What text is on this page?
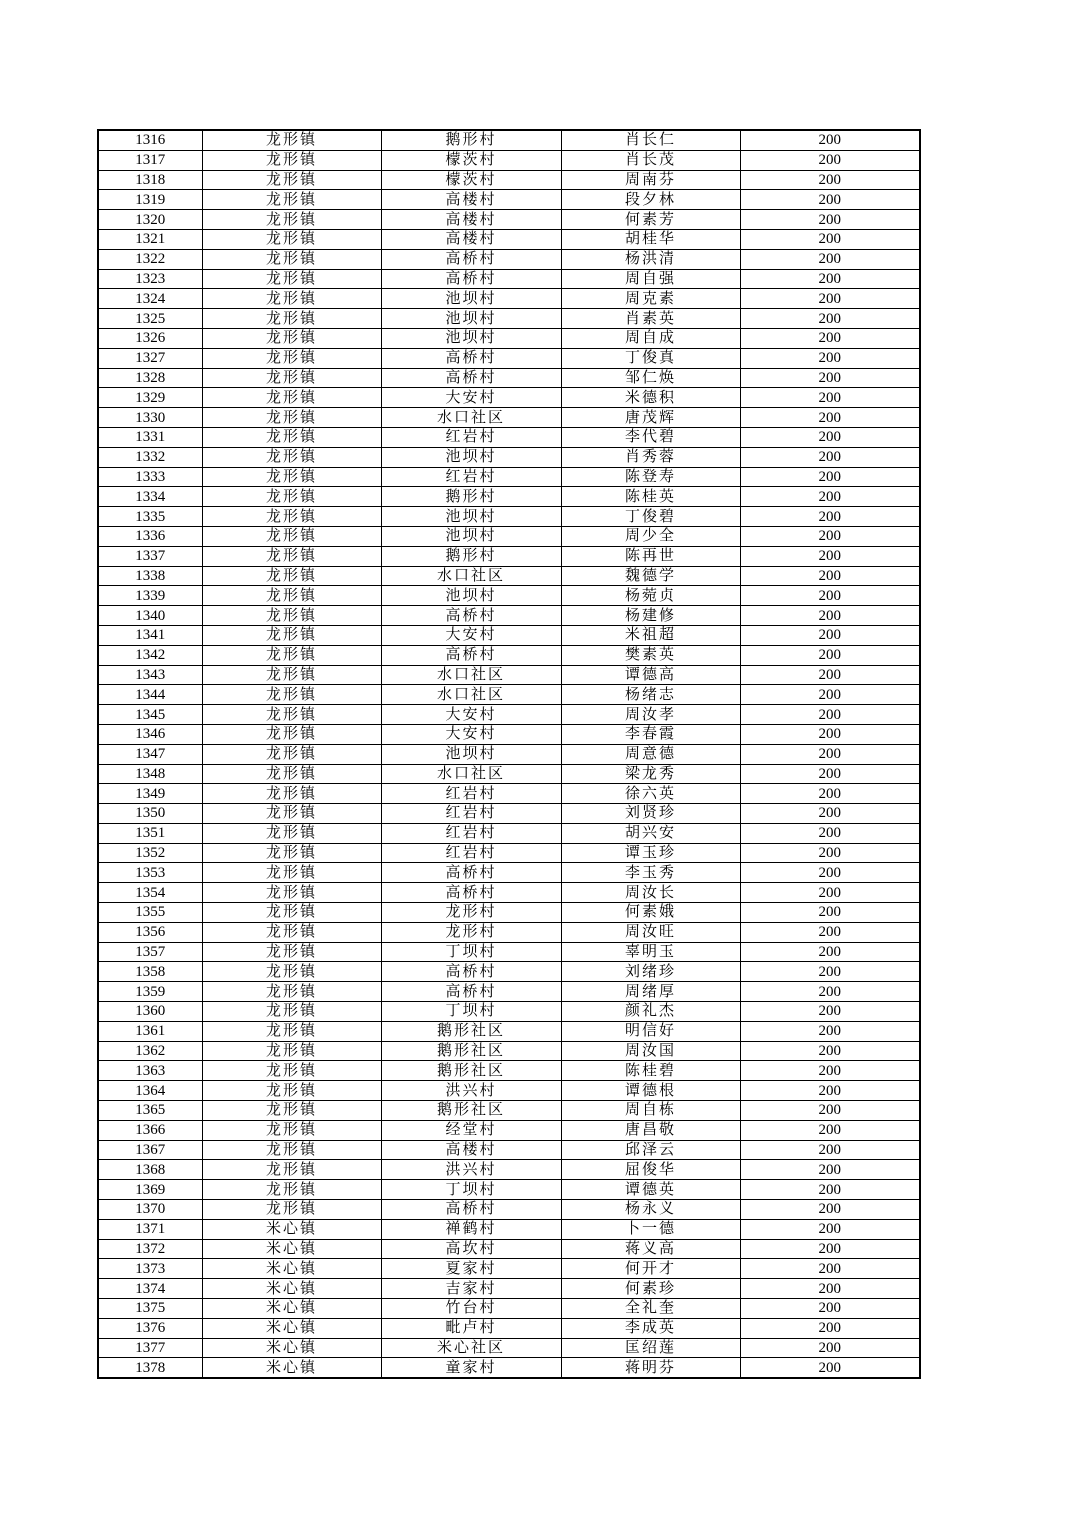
1316	龙形镇	鹅形村	肖长仁	200
1317	龙形镇	檬茨村	肖长茂	200
1318	龙形镇	檬茨村	周南芬	200
1319	龙形镇	高楼村	段夕林	200
1320	龙形镇	高楼村	何素芳	200
1321	龙形镇	高楼村	胡桂华	200
1322	龙形镇	高桥村	杨洪清	200
1323	龙形镇	高桥村	周自强	200
1324	龙形镇	池坝村	周克素	200
1325	龙形镇	池坝村	肖素英	200
1326	龙形镇	池坝村	周自成	200
1327	龙形镇	高桥村	丁俊真	200
1328	龙形镇	高桥村	邹仁焕	200
1329	龙形镇	大安村	米德积	200
1330	龙形镇	水口社区	唐茂辉	200
1331	龙形镇	红岩村	李代碧	200
1332	龙形镇	池坝村	肖秀蓉	200
1333	龙形镇	红岩村	陈登寿	200
1334	龙形镇	鹅形村	陈桂英	200
1335	龙形镇	池坝村	丁俊碧	200
1336	龙形镇	池坝村	周少全	200
1337	龙形镇	鹅形村	陈再世	200
1338	龙形镇	水口社区	魏德学	200
1339	龙形镇	池坝村	杨菀贞	200
1340	龙形镇	高桥村	杨建修	200
1341	龙形镇	大安村	米祖超	200
1342	龙形镇	高桥村	樊素英	200
1343	龙形镇	水口社区	谭德高	200
1344	龙形镇	水口社区	杨绪志	200
1345	龙形镇	大安村	周汝孝	200
1346	龙形镇	大安村	李春霞	200
1347	龙形镇	池坝村	周意德	200
1348	龙形镇	水口社区	梁龙秀	200
1349	龙形镇	红岩村	徐六英	200
1350	龙形镇	红岩村	刘贤珍	200
1351	龙形镇	红岩村	胡兴安	200
1352	龙形镇	红岩村	谭玉珍	200
1353	龙形镇	高桥村	李玉秀	200
1354	龙形镇	高桥村	周汝长	200
1355	龙形镇	龙形村	何素娥	200
1356	龙形镇	龙形村	周汝旺	200
1357	龙形镇	丁坝村	辜明玉	200
1358	龙形镇	高桥村	刘绪珍	200
1359	龙形镇	高桥村	周绪厚	200
1360	龙形镇	丁坝村	颜礼杰	200
1361	龙形镇	鹅形社区	明信好	200
1362	龙形镇	鹅形社区	周汝国	200
1363	龙形镇	鹅形社区	陈桂碧	200
1364	龙形镇	洪兴村	谭德根	200
1365	龙形镇	鹅形社区	周自栋	200
1366	龙形镇	经堂村	唐昌敬	200
1367	龙形镇	高楼村	邱泽云	200
1368	龙形镇	洪兴村	屈俊华	200
1369	龙形镇	丁坝村	谭德英	200
1370	龙形镇	高桥村	杨永义	200
1371	米心镇	禅鹤村	卜一德	200
1372	米心镇	高坎村	蒋义高	200
1373	米心镇	夏家村	何开才	200
1374	米心镇	吉家村	何素珍	200
1375	米心镇	竹台村	全礼奎	200
1376	米心镇	毗卢村	李成英	200
1377	米心镇	米心社区	匡绍莲	200
1378	米心镇	童家村	蒋明芬	200
